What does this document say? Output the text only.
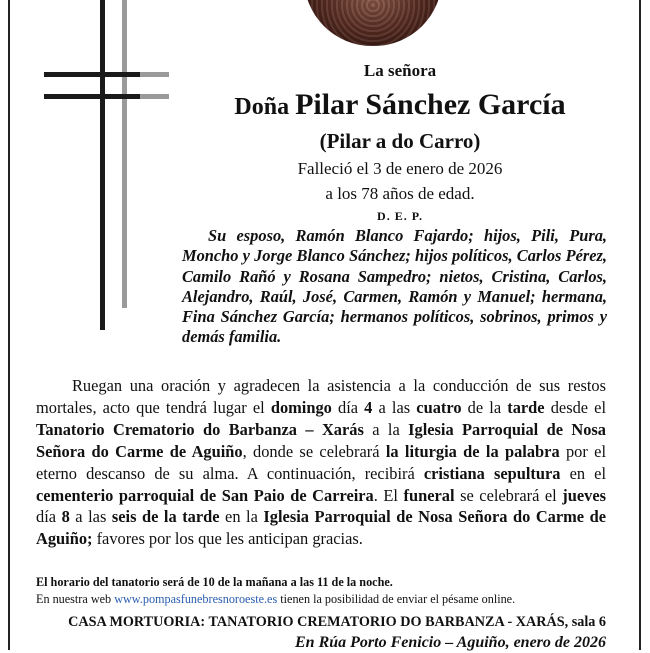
La señora
Doña Pilar Sánchez García
(Pilar a do Carro)
Falleció el 3 de enero de 2026
a los 78 años de edad.
D. E. P.
Su esposo, Ramón Blanco Fajardo; hijos, Pili, Pura, Moncho y Jorge Blanco Sánchez; hijos políticos, Carlos Pérez, Camilo Rañó y Rosana Sampedro; nietos, Cristina, Carlos, Alejandro, Raúl, José, Carmen, Ramón y Manuel; hermana, Fina Sánchez García; hermanos políticos, sobrinos, primos y demás familia.
Ruegan una oración y agradecen la asistencia a la conducción de sus restos mortales, acto que tendrá lugar el domingo día 4 a las cuatro de la tarde desde el Tanatorio Crematorio do Barbanza – Xarás a la Iglesia Parroquial de Nosa Señora do Carme de Aguiño, donde se celebrará la liturgia de la palabra por el eterno descanso de su alma. A continuación, recibirá cristiana sepultura en el cementerio parroquial de San Paio de Carreira. El funeral se celebrará el jueves día 8 a las seis de la tarde en la Iglesia Parroquial de Nosa Señora do Carme de Aguiño; favores por los que les anticipan gracias.
El horario del tanatorio será de 10 de la mañana a las 11 de la noche.
En nuestra web www.pompasfunebresnoroeste.es tienen la posibilidad de enviar el pésame online.
CASA MORTUORIA: TANATORIO CREMATORIO DO BARBANZA - XARÁS, sala 6
En Rúa Porto Fenicio – Aguiño, enero de 2026
